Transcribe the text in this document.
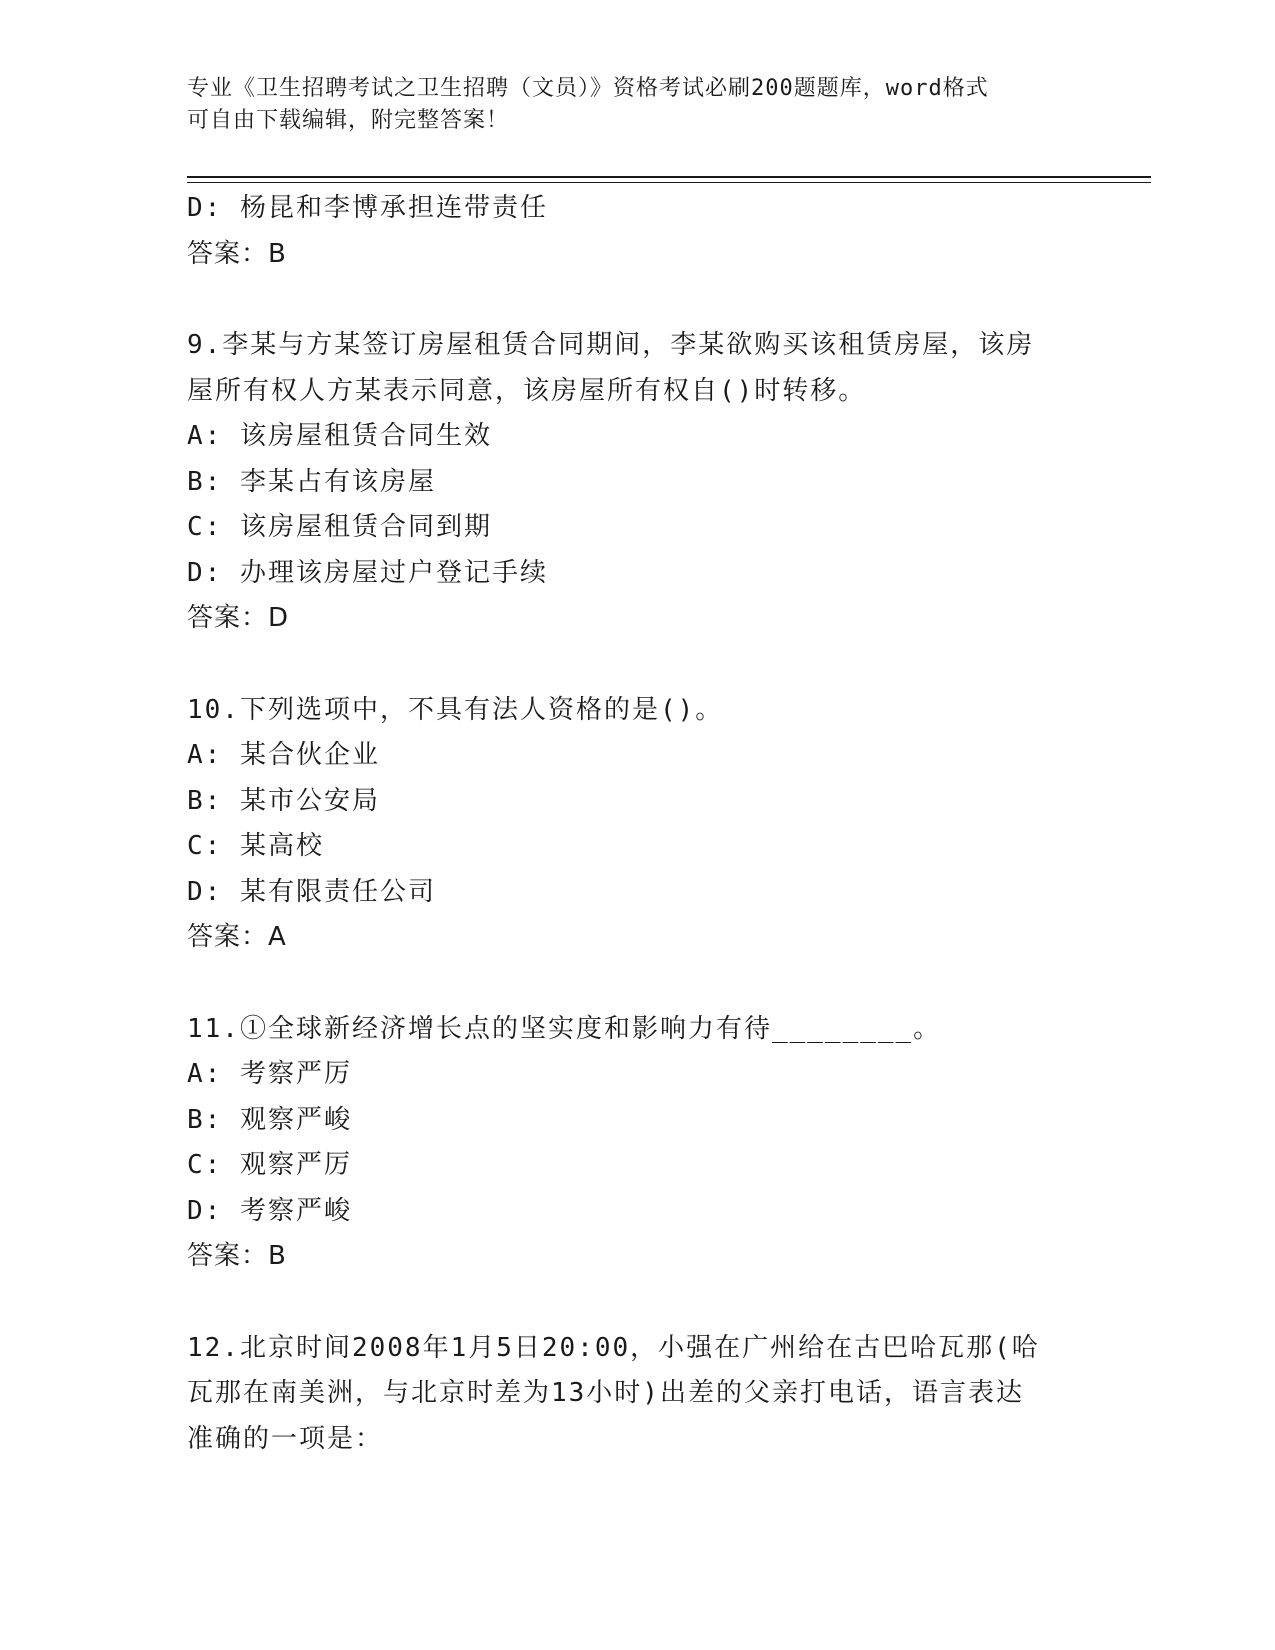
专业《卫生招聘考试之卫生招聘（文员）》资格考试必刷200题题库，word格式
可自由下载编辑，附完整答案！
D: 杨昆和李博承担连带责任
答案：B
9.李某与方某签订房屋租赁合同期间，李某欲购买该租赁房屋，该房
屋所有权人方某表示同意，该房屋所有权自()时转移。
A: 该房屋租赁合同生效
B: 李某占有该房屋
C: 该房屋租赁合同到期
D: 办理该房屋过户登记手续
答案：D
10.下列选项中，不具有法人资格的是()。
A: 某合伙企业
B: 某市公安局
C: 某高校
D: 某有限责任公司
答案：A
11.①全球新经济增长点的坚实度和影响力有待________。
A: 考察严厉
B: 观察严峻
C: 观察严厉
D: 考察严峻
答案：B
12.北京时间2008年1月5日20:00，小强在广州给在古巴哈瓦那(哈
瓦那在南美洲，与北京时差为13小时)出差的父亲打电话，语言表达
准确的一项是：
